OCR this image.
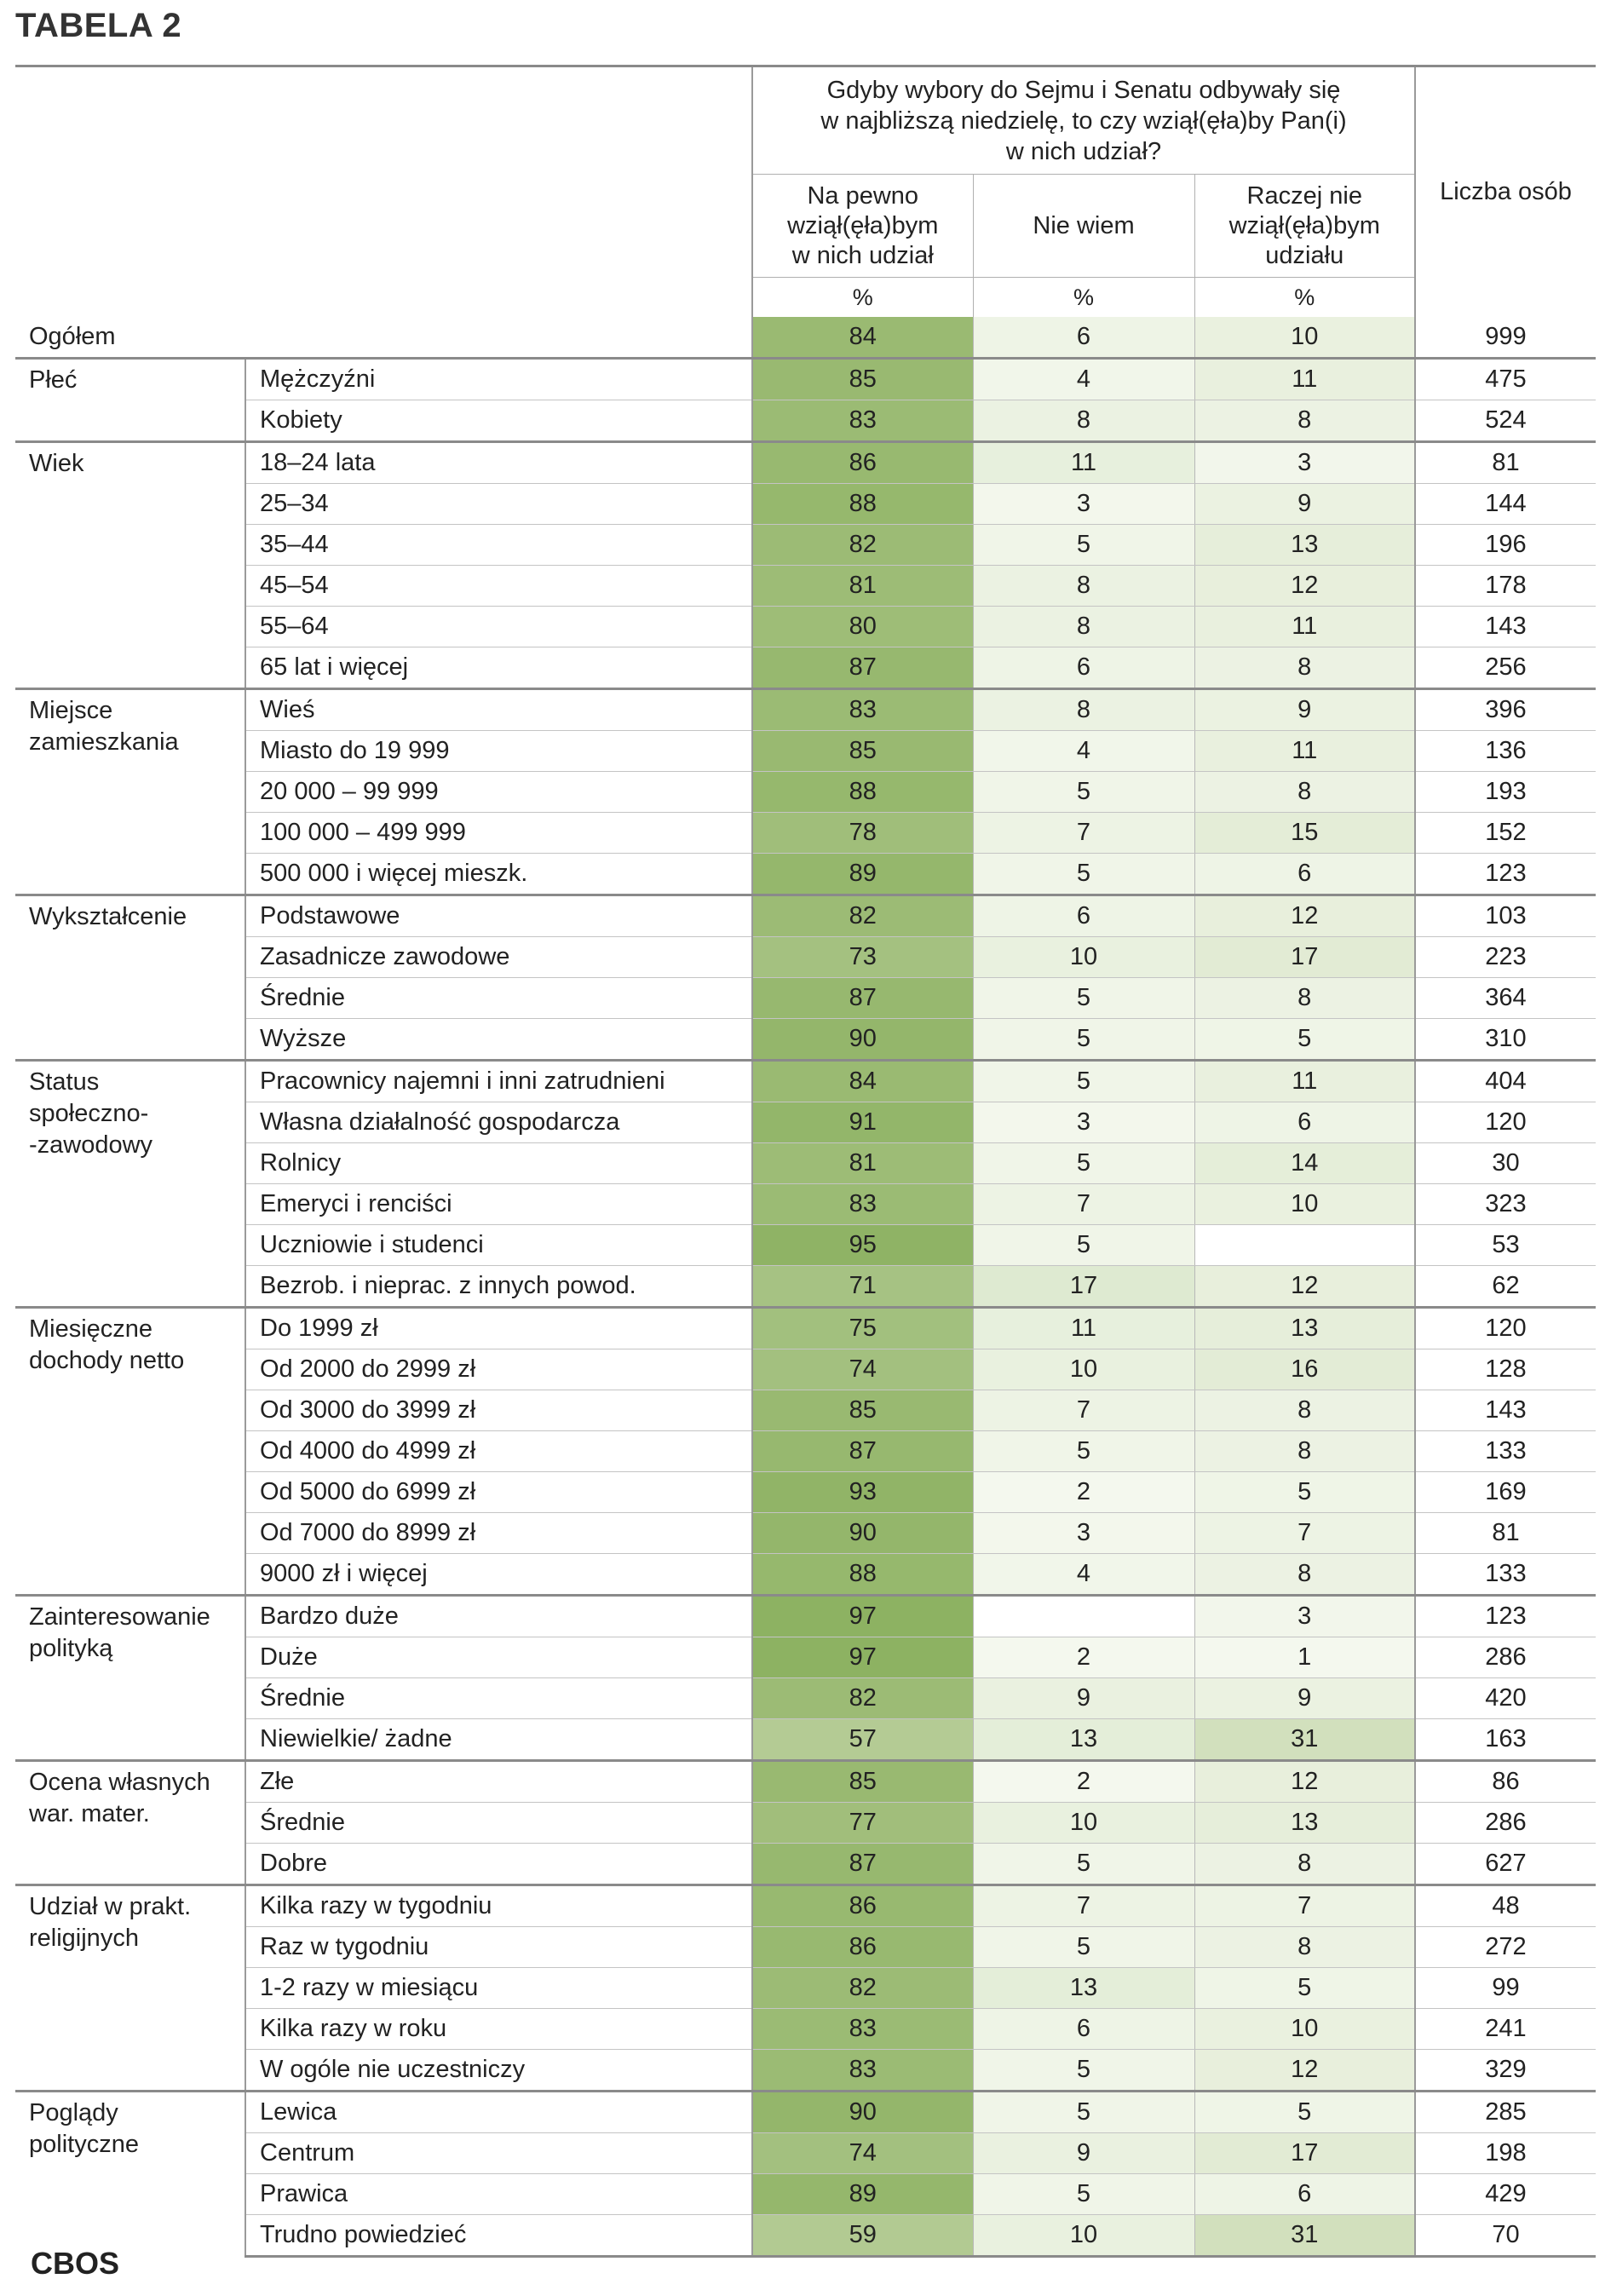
TABELA 2
		Gdyby wybory do Sejmu i Senatu odbywały się
w najbliższą niedzielę, to czy wziął(ęła)by Pan(i)
w nich udział?			Liczba osób
		Na pewno
wziął(ęła)bym
w nich udział	Nie wiem	Raczej nie
wziął(ęła)bym
udziału	
		%	%	%	
Ogółem		84	6	10	999
Płeć	Mężczyźni	85	4	11	475
	Kobiety	83	8	8	524
Wiek	18–24 lata	86	11	3	81
	25–34	88	3	9	144
	35–44	82	5	13	196
	45–54	81	8	12	178
	55–64	80	8	11	143
	65 lat i więcej	87	6	8	256
Miejsce zamieszkania	Wieś	83	8	9	396
	Miasto do 19 999	85	4	11	136
	20 000 – 99 999	88	5	8	193
	100 000 – 499 999	78	7	15	152
	500 000 i więcej mieszk.	89	5	6	123
Wykształcenie	Podstawowe	82	6	12	103
	Zasadnicze zawodowe	73	10	17	223
	Średnie	87	5	8	364
	Wyższe	90	5	5	310
Status
społeczno-
-zawodowy	Pracownicy najemni i inni zatrudnieni	84	5	11	404
	Własna działalność gospodarcza	91	3	6	120
	Rolnicy	81	5	14	30
	Emeryci i renciści	83	7	10	323
	Uczniowie i studenci	95	5		53
	Bezrob. i nieprac. z innych powod.	71	17	12	62
Miesięczne
dochody netto	Do 1999 zł	75	11	13	120
	Od 2000 do 2999 zł	74	10	16	128
	Od 3000 do 3999 zł	85	7	8	143
	Od 4000 do 4999 zł	87	5	8	133
	Od 5000 do 6999 zł	93	2	5	169
	Od 7000 do 8999 zł	90	3	7	81
	9000 zł i więcej	88	4	8	133
Zainteresowanie
polityką	Bardzo duże	97		3	123
	Duże	97	2	1	286
	Średnie	82	9	9	420
	Niewielkie/ żadne	57	13	31	163
Ocena własnych
war. mater.	Złe	85	2	12	86
	Średnie	77	10	13	286
	Dobre	87	5	8	627
Udział w prakt.
religijnych	Kilka razy w tygodniu	86	7	7	48
	Raz w tygodniu	86	5	8	272
	1-2 razy w miesiącu	82	13	5	99
	Kilka razy w roku	83	6	10	241
	W ogóle nie uczestniczy	83	5	12	329
Poglądy
polityczne	Lewica	90	5	5	285
	Centrum	74	9	17	198
	Prawica	89	5	6	429
	Trudno powiedzieć	59	10	31	70
CBOS
